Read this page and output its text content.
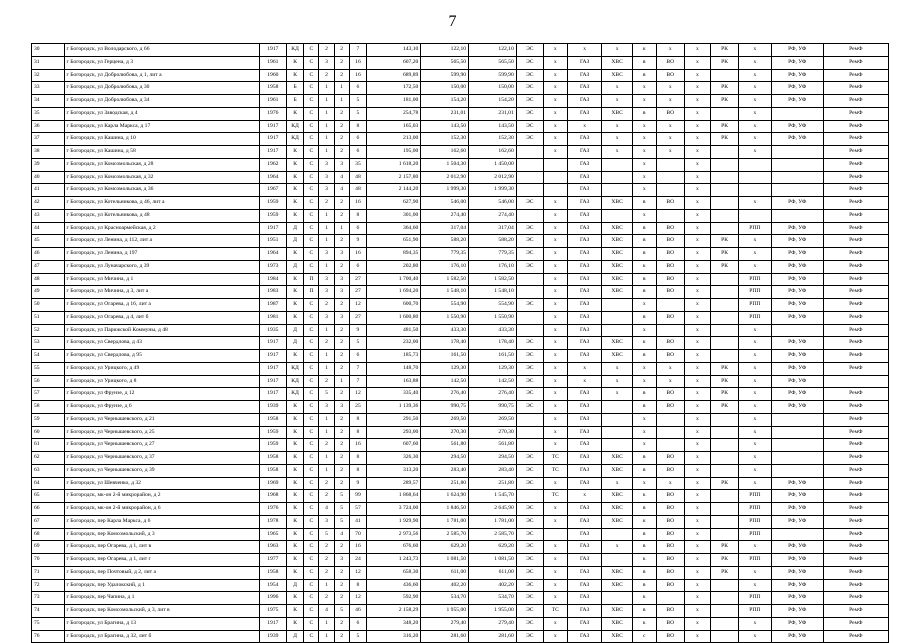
7
30	г Богородск, ул Володарского, д 66	1917	КД	С	2	2	7	143,10	122,10	122,10	ЭС	х	х	х	к	х	х	РК	х	РФ, УФ	РемФ
31	г Богородск, ул Герцена, д 3	1961	К	С	3	2	16	607,20	565,50	565,50	ЭС	х	ГАЗ	ХВС	в	ВО	х	РК	х	РФ, УФ	РемФ
32	г Богородск, ул Добролюбова, д 1, лит а	1960	К	С	2	2	16	689,89	599,90	599,90	ЭС	х	ГАЗ	ХВС	в	ВО	х		х	РФ, УФ	РемФ
33	г Богородск, ул Добролюбова, д 30	1958	Б	С	1	1	6	172,50	150,00	150,00	ЭС	х	ГАЗ	х	х	х	х	РК	х	РФ, УФ	РемФ
34	г Богородск, ул Добролюбова, д 34	1961	Б	С	1	1	5	181,00	154,20	154,20	ЭС	х	ГАЗ	х	х	х	х	РК	х	РФ, УФ	РемФ
35	г Богородск, ул Заводская, д 4	1976	К	С	1	2	5	254,78	231,01	231,01	ЭС	х	ГАЗ	ХВС	в	ВО	х		х		РемФ
36	г Богородск, ул Карла Маркса, д 17	1917	КД	С	1	2	8	165,03	143,50	143,50	ЭС	х	х	х	х	х	х	РК	х	РФ, УФ	РемФ
37	г Богородск, ул Кашина, д 10	1917	КД	С	1	2	6	213,00	152,30	152,30	ЭС	х	ГАЗ	х	х	х	х	РК	х	РФ, УФ	РемФ
38	г Богородск, ул Кашина, д 58	1917	К	С	1	2	6	195,00	162,60	162,60		х	ГАЗ	х	х	х	х		х		РемФ
39	г Богородск, ул Комсомольская, д 28	1962	К	С	3	3	35	1 618,20	1 504,30	1 450,00			ГАЗ		х		х				РемФ
40	г Богородск, ул Комсомольская, д 32	1964	К	С	3	4	48	2 157,80	2 012,90	2 012,90			ГАЗ		х		х				РемФ
41	г Богородск, ул Комсомольская, д 36	1967	К	С	3	4	48	2 144,20	1 999,30	1 999,30			ГАЗ		х		х				РемФ
42	г Богородск, ул Котельникова, д 46, лит а	1959	К	С	2	2	16	627,90	546,00	546,00	ЭС	х	ГАЗ	ХВС	в	ВО	х		х	РФ, УФ	РемФ
43	г Богородск, ул Котельникова, д 48	1959	К	С	1	2	8	301,00	274,40	274,40		х	ГАЗ		х		х				РемФ
44	г Богородск, ул Красноармейская, д 2	1917	Д	С	1	1	6	364,60	317,04	317,04	ЭС	х	ГАЗ	ХВС	в	ВО	х		РПП	РФ, УФ	РемФ
45	г Богородск, ул Ленина, д 112, лит а	1951	Д	С	1	2	9	651,90	588,20	588,20	ЭС	х	ГАЗ	ХВС	в	ВО	х	РК	х	РФ, УФ	РемФ
46	г Богородск, ул Ленина, д 197	1964	К	С	3	3	16	894,35	779,35	779,35	ЭС	х	ГАЗ	ХВС	в	ВО	х	РК	х	РФ, УФ	РемФ
47	г Богородск, ул Луначарского, д 39	1973	Д	С	1	2	6	202,80	176,10	176,10	ЭС	х	ГАЗ	ХВС	к	ВО	х	РК	х	РФ, УФ	РемФ
48	г Богородск, ул Мичина, д 1	1984	К	П	3	3	27	1 700,40	1 582,50	1 582,50		х	ГАЗ	ХВС	в	ВО	х		РПП	РФ, УФ	РемФ
49	г Богородск, ул Мичина, д 3, лит а	1983	К	П	3	3	27	1 694,20	1 548,10	1 548,10		х	ГАЗ	ХВС	в	ВО	х		РПП	РФ, УФ	РемФ
50	г Богородск, ул Огарева, д 16, лит а	1987	К	С	2	2	12	600,70	554,90	554,90	ЭС	х	ГАЗ		х		х		РПП	РФ, УФ	РемФ
51	г Богородск, ул Огарева, д 4, лит б	1981	К	С	3	3	27	1 600,80	1 550,90	1 550,90		х	ГАЗ		в	ВО	х		РПП	РФ, УФ	РемФ
52	г Богородск, ул Парижской Коммуны, д 48	1935	Д	С	1	2	9	481,50	433,30	433,30		х	ГАЗ		х		х		х		РемФ
53	г Богородск, ул Свердлова, д 43	1917	Д	С	2	2	5	232,00	178,40	178,40	ЭС	х	ГАЗ	ХВС	к	ВО	х		х	РФ, УФ	РемФ
54	г Богородск, ул Свердлова, д 95	1917	К	С	1	2	6	185,73	161,50	161,50	ЭС	х	ГАЗ	ХВС	в	ВО	х		х	РФ, УФ	РемФ
55	г Богородск, ул Урицкого, д 49	1917	КД	С	1	2	7	148,70	129,30	129,30	ЭС	х	х	х	х	х	х	РК	х	РФ, УФ	РемФ
56	г Богородск, ул Урицкого, д 8	1917	КД	С	2	1	7	163,88	142,50	142,50	ЭС	х	х	х	х	х	х	РК	х	РФ, УФ	
57	г Богородск, ул Фрунзе, д 12	1917	КД	С	5	2	12	335,40	276,40	276,40	ЭС	х	ГАЗ	х	в	ВО	х	РК	х	РФ, УФ	РемФ
58	г Богородск, ул Фрунзе, д 6	1939	К	С	3	3	25	1 139,36	990,75	990,75	ЭС	х	ГАЗ		в	ВО	х	РК	х	РФ, УФ	РемФ
59	г Богородск, ул Чернышевского, д 21	1958	К	С	1	2	8	291,50	269,50	269,50		х	ГАЗ		х		х		х		РемФ
60	г Богородск, ул Чернышевского, д 25	1959	К	С	1	2	8	293,00	270,30	270,30		х	ГАЗ		х		х		х		РемФ
61	г Богородск, ул Чернышевского, д 27	1959	К	С	2	2	16	607,60	561,80	561,80		х	ГАЗ		х		х		х		РемФ
62	г Богородск, ул Чернышевского, д 37	1958	К	С	1	2	8	326,30	294,50	294,50	ЭС	ТС	ГАЗ	ХВС	в	ВО	х		х		РемФ
63	г Богородск, ул Чернышевского, д 39	1958	К	С	1	2	8	313,20	283,40	283,40	ЭС	ТС	ГАЗ	ХВС	в	ВО	х		х		РемФ
64	г Богородск, ул Шевченко, д 32	1969	К	С	2	2	9	289,57	251,80	251,80	ЭС	х	ГАЗ	х	х	х	х	РК	х	РФ, УФ	РемФ
65	г Богородск, мк-он 2-й микрорайон, д 2	1968	К	С	2	5	99	1 868,64	1 624,90	1 545,70		ТС	х	ХВС	к	ВО	х		РПП	РФ, УФ	РемФ
66	г Богородск, мк-он 2-й микрорайон, д 6	1976	К	С	4	5	57	3 724,00	1 846,50	2 645,90	ЭС	х	ГАЗ	ХВС	в	ВО	х		РПП	РФ, УФ	РемФ
67	г Богородск, пер Карла Маркса, д 6	1978	К	С	3	5	41	1 929,90	1 781,00	1 781,00	ЭС	х	ГАЗ	ХВС	к	ВО	х		РПП	РФ, УФ	РемФ
68	г Богородск, пер Комсомольский, д 3	1965	К	С	5	4	70	2 973,56	2 585,70	2 585,70	ЭС		ГАЗ		в	ВО	х		РПП		РемФ
69	г Богородск, пер Огарева, д 1, лит в	1963	К	С	2	2	16	676,60	629,20	629,20	ЭС	х	ГАЗ	х	в	ВО	х	РК	х	РФ, УФ	РемФ
70	г Богородск, пер Огарева, д 1, лит г	1977	К	С	2	3	24	1 243,73	1 081,50	1 081,50	ЭС	х	ГАЗ		к	ВО	х	РК	РПП	РФ, УФ	РемФ
71	г Богородск, пер Почтовый, д 2, лит а	1958	К	С	2	2	12	658,30	611,00	611,00	ЭС	х	ГАЗ	ХВС	в	ВО	х	РК	х	РФ, УФ	РемФ
72	г Богородск, пер Удалокский, д 1	1954	Д	С	1	2	8	436,60	402,20	402,20	ЭС	х	ГАЗ	ХВС	в	ВО	х		х	РФ, УФ	РемФ
73	г Богородск, пер Чапина, д 1	1996	К	С	2	2	12	592,90	534,70	534,70	ЭС	х	ГАЗ		к		х		РПП	РФ, УФ	РемФ
74	г Богородск, пер Комсомольский, д 3, лит в	1975	К	С	4	5	46	2 158,29	1 955,00	1 955,00	ЭС	ТС	ГАЗ	ХВС	в	ВО	х		РПП	РФ, УФ	РемФ
75	г Богородск, ул Брагина, д 13	1917	К	С	1	2	6	348,20	279,40	279,40	ЭС	х	ГАЗ	ХВС	к	ВО	х		х	РФ, УФ	РемФ
76	г Богородск, ул Брагина, д 32, лит б	1939	Д	С	1	2	5	316,20	281,60	281,60	ЭС	х	ГАЗ	ХВС	с	ВО	х		х	РФ, УФ	РемФ
